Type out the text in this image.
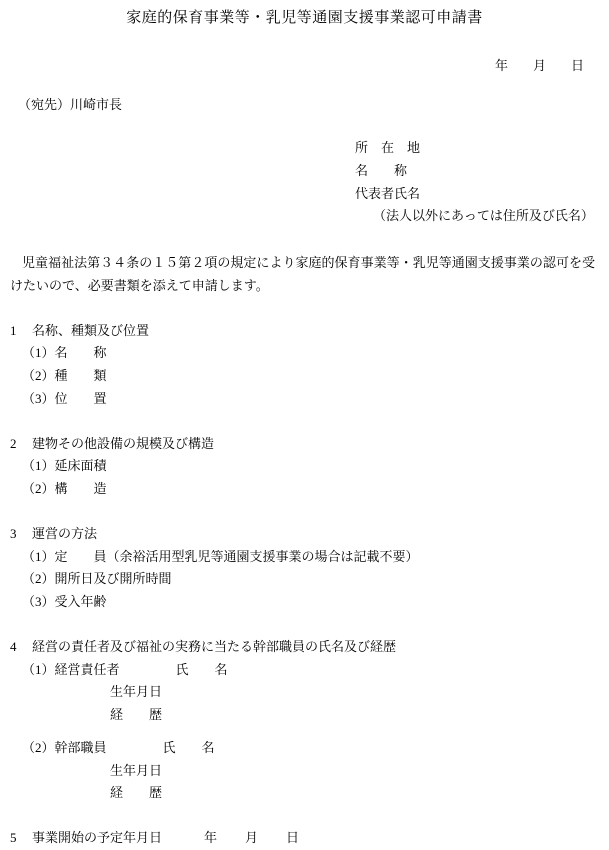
家庭的保育事業等・乳児等通園支援事業認可申請書
年 月 日
（宛先）川崎市長
所　在　地
名　　称
代表者氏名
（法人以外にあっては住所及び氏名）
児童福祉法第３４条の１５第２項の規定により家庭的保育事業等・乳児等通園支援事業の認可を受けたいので、必要書類を添えて申請します。
1 名称、種類及び位置
（1）名　　称
（2）種　　類
（3）位　　置
2 建物その他設備の規模及び構造
（1）延床面積
（2）構　　造
3 運営の方法
（1）定　　員（余裕活用型乳児等通園支援事業の場合は記載不要）
（2）開所日及び開所時間
（3）受入年齢
4 経営の責任者及び福祉の実務に当たる幹部職員の氏名及び経歴
（1）経営責任者	氏　　名
生年月日
経　　歴
（2）幹部職員	氏　　名
生年月日
経　　歴
5 事業開始の予定年月日	年 月 日
